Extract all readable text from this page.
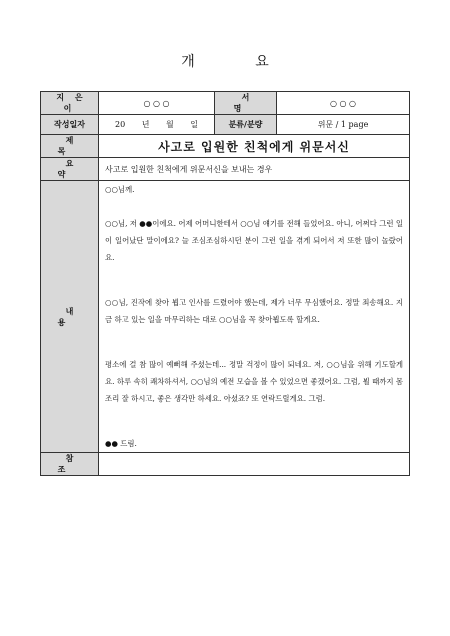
개 요
지 은 이	○ ○ ○	서 명	○ ○ ○
작성일자	20 년 월 일	분류/분량	위문 / 1 page
제 목	사고로 입원한 친척에게 위문서신		
요 약	사고로 입원한 친척에게 위문서신을 보내는 경우		
내 용	○○님께.

○○님, 저 ●●이에요. 어제 어머니한테서 ○○님 얘기를 전해 들었어요. 아니, 어쩌다 그런 일이 일어났단 말이에요? 늘 조심조심하시던 분이 그런 일을 겪게 되어서 저 또한 많이 놀랐어요.

○○님, 진작에 찾아 뵙고 인사를 드렸어야 했는데, 제가 너무 무심했어요. 정말 죄송해요. 지금 하고 있는 일을 마무리하는 대로 ○○님을 꼭 찾아뵙도록 할게요.

평소에 걸 참 많이 예뻐해 주셨는데... 정말 걱정이 많이 되네요. 저, ○○님을 위해 기도할게요. 하루 속히 쾌차하셔서, ○○님의 예전 모습을 볼 수 있었으면 좋겠어요. 그럼, 뵐 때까지 몸조리 잘 하시고, 좋은 생각만 하세요. 아셨죠? 또 연락드릴게요. 그럼.

●● 드림.		

참 조			
